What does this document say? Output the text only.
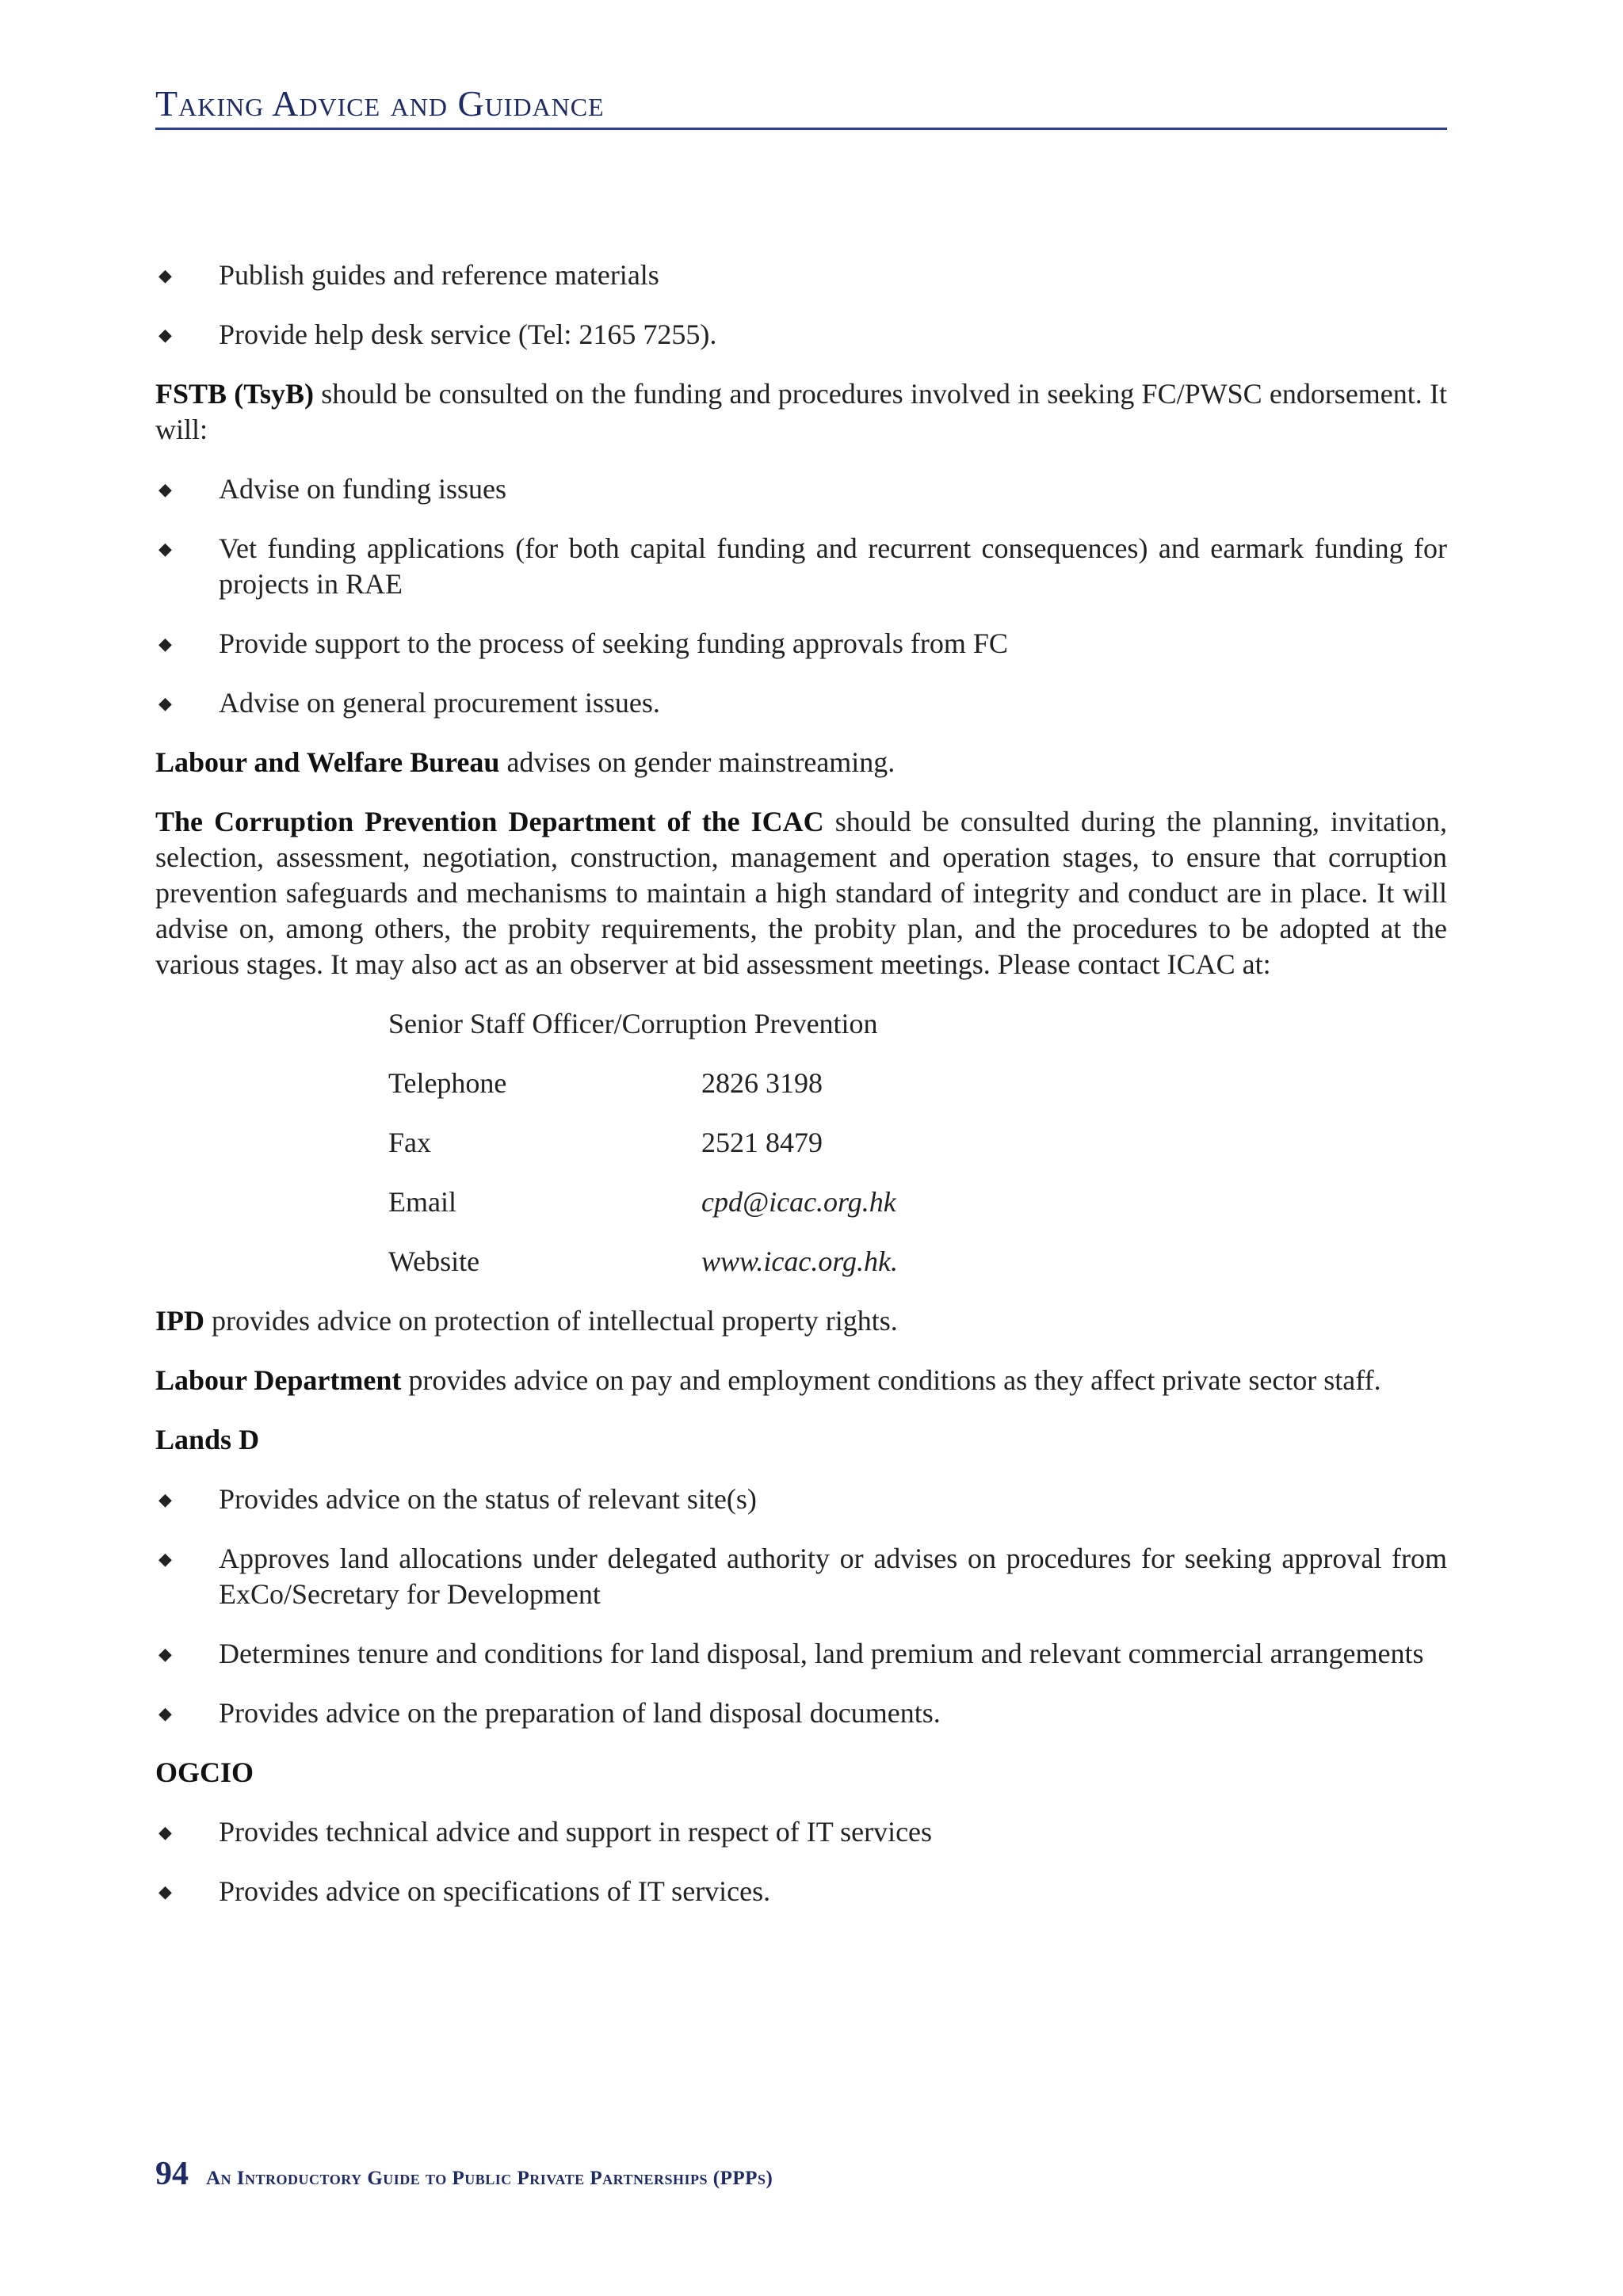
Taking Advice and Guidance
◆ Publish guides and reference materials
◆ Provide help desk service (Tel: 2165 7255).

FSTB (TsyB) should be consulted on the funding and procedures involved in seeking FC/PWSC endorsement. It will:

◆ Advise on funding issues
◆ Vet funding applications (for both capital funding and recurrent consequences) and earmark funding for projects in RAE
◆ Provide support to the process of seeking funding approvals from FC
◆ Advise on general procurement issues.

Labour and Welfare Bureau advises on gender mainstreaming.

The Corruption Prevention Department of the ICAC should be consulted during the planning, invitation, selection, assessment, negotiation, construction, management and operation stages, to ensure that corruption prevention safeguards and mechanisms to maintain a high standard of integrity and conduct are in place. It will advise on, among others, the probity requirements, the probity plan, and the procedures to be adopted at the various stages. It may also act as an observer at bid assessment meetings. Please contact ICAC at:

Senior Staff Officer/Corruption Prevention
Telephone	2826 3198
Fax	2521 8479
Email	cpd@icac.org.hk
Website	www.icac.org.hk.

IPD provides advice on protection of intellectual property rights.

Labour Department provides advice on pay and employment conditions as they affect private sector staff.

Lands D

◆ Provides advice on the status of relevant site(s)
◆ Approves land allocations under delegated authority or advises on procedures for seeking approval from ExCo/Secretary for Development
◆ Determines tenure and conditions for land disposal, land premium and relevant commercial arrangements
◆ Provides advice on the preparation of land disposal documents.

OGCIO

◆ Provides technical advice and support in respect of IT services
◆ Provides advice on specifications of IT services.
94 An Introductory Guide to Public Private Partnerships (PPPs)
